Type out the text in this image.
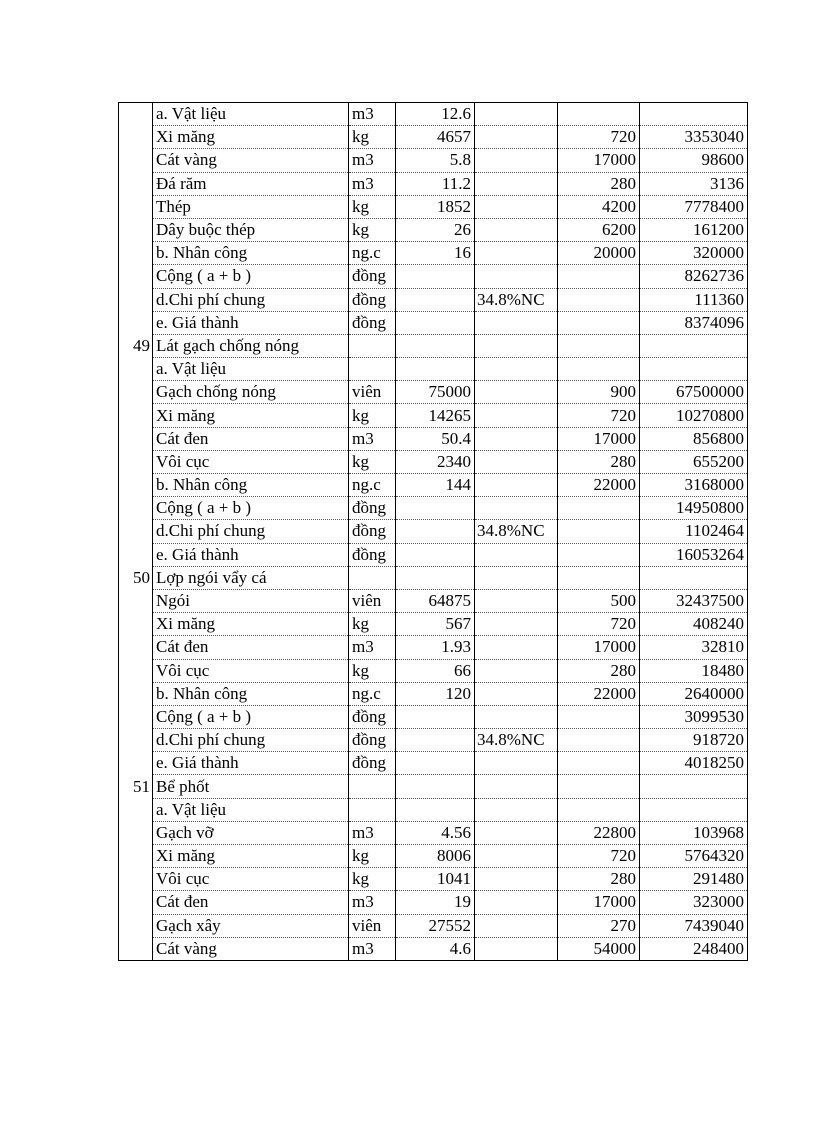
	a. Vật liệu	m3	12.6			
	Xi măng	kg	4657		720	3353040
	Cát vàng	m3	5.8		17000	98600
	Đá răm	m3	11.2		280	3136
	Thép	kg	1852		4200	7778400
	Dây buộc thép	kg	26		6200	161200
	b. Nhân công	ng.c	16		20000	320000
	Cộng ( a + b )	đồng				8262736
	d.Chi phí chung	đồng		34.8%NC		111360
	e. Giá thành	đồng				8374096
49	Lát gạch chống nóng					
	a. Vật liệu					
	Gạch chống nóng	viên	75000		900	67500000
	Xi măng	kg	14265		720	10270800
	Cát đen	m3	50.4		17000	856800
	Vôi cục	kg	2340		280	655200
	b. Nhân công	ng.c	144		22000	3168000
	Cộng ( a + b )	đồng				14950800
	d.Chi phí chung	đồng		34.8%NC		1102464
	e. Giá thành	đồng				16053264
50	Lợp ngói vẩy cá					
	Ngói	viên	64875		500	32437500
	Xi măng	kg	567		720	408240
	Cát đen	m3	1.93		17000	32810
	Vôi cục	kg	66		280	18480
	b. Nhân công	ng.c	120		22000	2640000
	Cộng ( a + b )	đồng				3099530
	d.Chi phí chung	đồng		34.8%NC		918720
	e. Giá thành	đồng				4018250
51	Bể phốt					
	a. Vật liệu					
	Gạch vỡ	m3	4.56		22800	103968
	Xi măng	kg	8006		720	5764320
	Vôi cục	kg	1041		280	291480
	Cát đen	m3	19		17000	323000
	Gạch xây	viên	27552		270	7439040
	Cát vàng	m3	4.6		54000	248400
